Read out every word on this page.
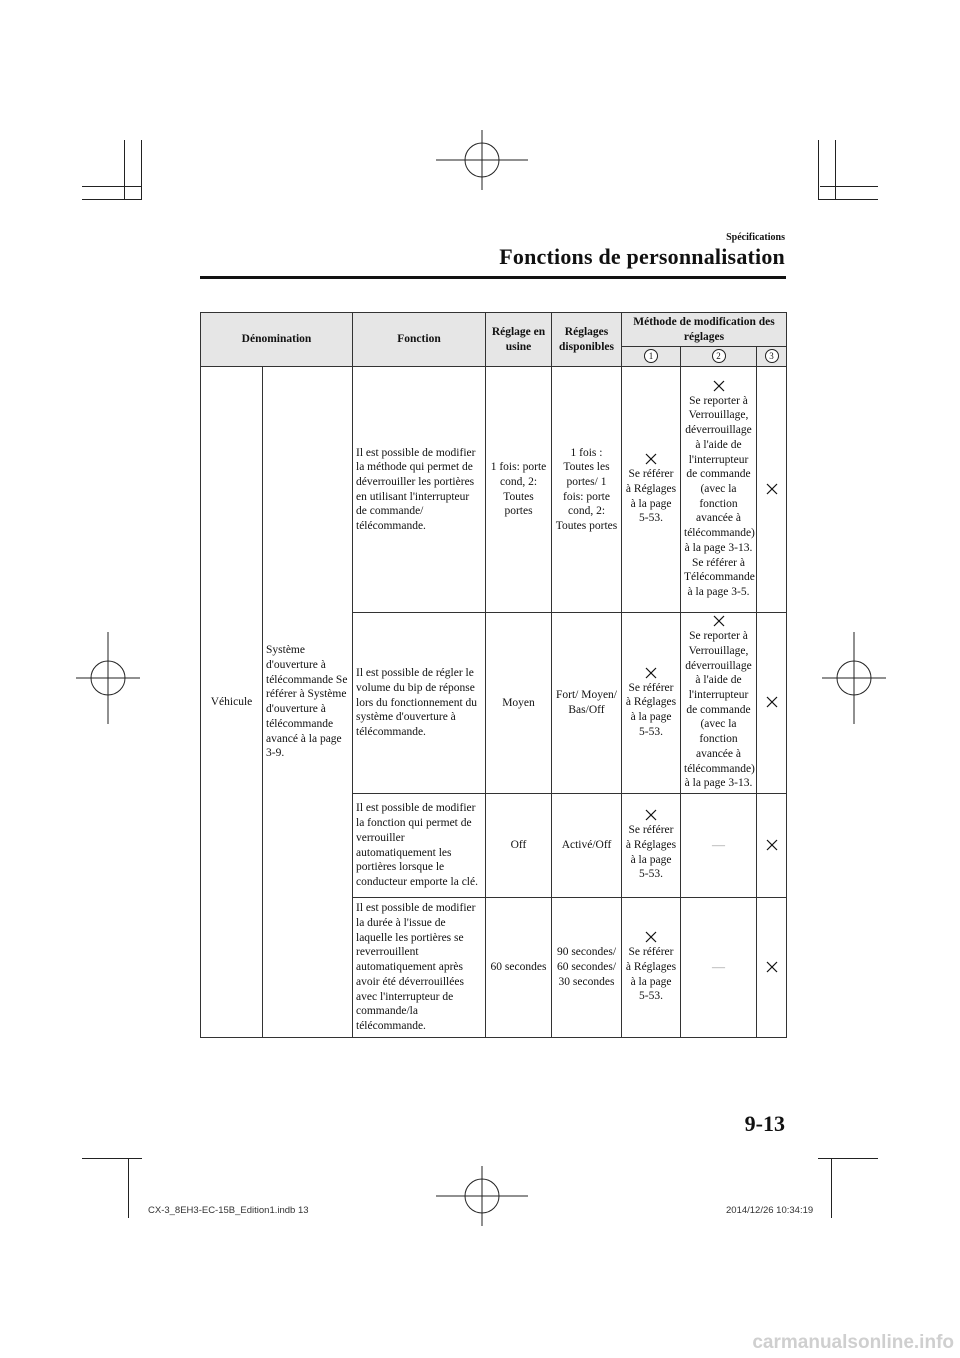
Spécifications
Fonctions de personnalisation
Dénomination		Fonction	Réglage en usine	Réglages disponibles	Méthode de modification des réglages		
					1	2	3
Véhicule	Système d'ouverture à télécommande Se référer à Système d'ouverture à télécommande avancé à la page 3-9.	Il est possible de modifier la méthode qui permet de déverrouiller les portières en utilisant l'interrupteur de commande/ télécommande.	1 fois: porte cond, 2: Toutes portes	1 fois : Toutes les portes/ 1 fois: porte cond, 2: Toutes portes	Se référer à Réglages à la page 5-53.	Se reporter à Verrouillage, déverrouillage à l'aide de l'interrupteur de commande (avec la fonction avancée à télécommande) à la page 3-13. Se référer à Télécommande à la page 3-5.	

		Il est possible de régler le volume du bip de réponse lors du fonctionnement du système d'ouverture à télécommande.	Moyen	Fort/ Moyen/ Bas/Off	Se référer à Réglages à la page 5-53.	Se reporter à Verrouillage, déverrouillage à l'aide de l'interrupteur de commande (avec la fonction avancée à télécommande) à la page 3-13.	

		Il est possible de modifier la fonction qui permet de verrouiller automatiquement les portières lorsque le conducteur emporte la clé.	Off	Activé/Off	Se référer à Réglages à la page 5-53.	—	

		Il est possible de modifier la durée à l'issue de laquelle les portières se reverrouillent automatiquement après avoir été déverrouillées avec l'interrupteur de commande/la télécommande.	60 secondes	90 secondes/ 60 secondes/ 30 secondes	Se référer à Réglages à la page 5-53.	—	
9-13
CX-3_8EH3-EC-15B_Edition1.indb 13	2014/12/26 10:34:19
carmanualsonline.info
